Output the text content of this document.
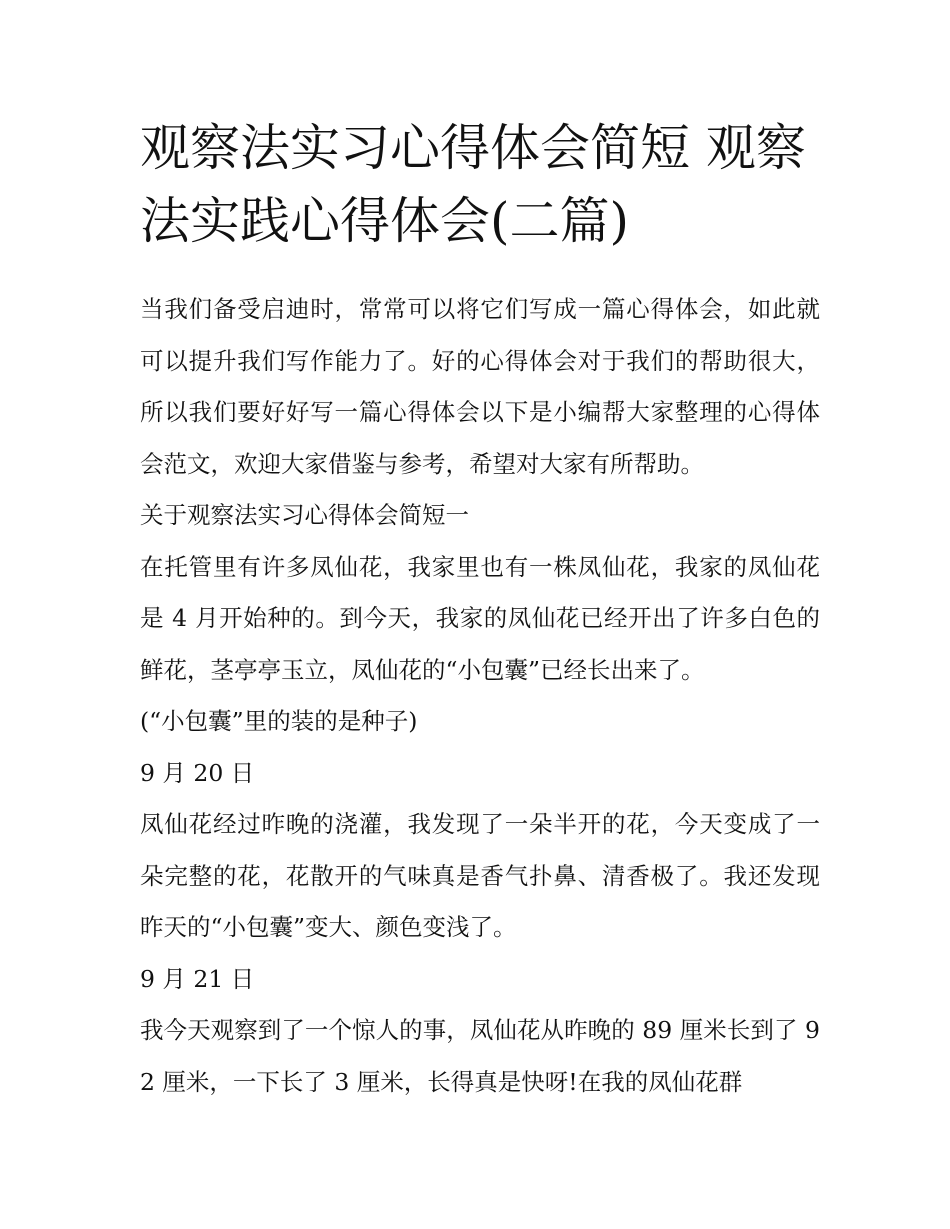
观察法实习心得体会简短 观察法实践心得体会(二篇)

当我们备受启迪时，常常可以将它们写成一篇心得体会，如此就可以提升我们写作能力了。好的心得体会对于我们的帮助很大，所以我们要好好写一篇心得体会以下是小编帮大家整理的心得体会范文，欢迎大家借鉴与参考，希望对大家有所帮助。

关于观察法实习心得体会简短一

在托管里有许多凤仙花，我家里也有一株凤仙花，我家的凤仙花是 4 月开始种的。到今天，我家的凤仙花已经开出了许多白色的鲜花，茎亭亭玉立，凤仙花的“小包囊”已经长出来了。

(“小包囊”里的装的是种子)

9 月 20 日

凤仙花经过昨晚的浇灌，我发现了一朵半开的花，今天变成了一朵完整的花，花散开的气味真是香气扑鼻、清香极了。我还发现昨天的“小包囊”变大、颜色变浅了。

9 月 21 日

我今天观察到了一个惊人的事，凤仙花从昨晚的 89 厘米长到了 92 厘米，一下长了 3 厘米，长得真是快呀!在我的凤仙花群
